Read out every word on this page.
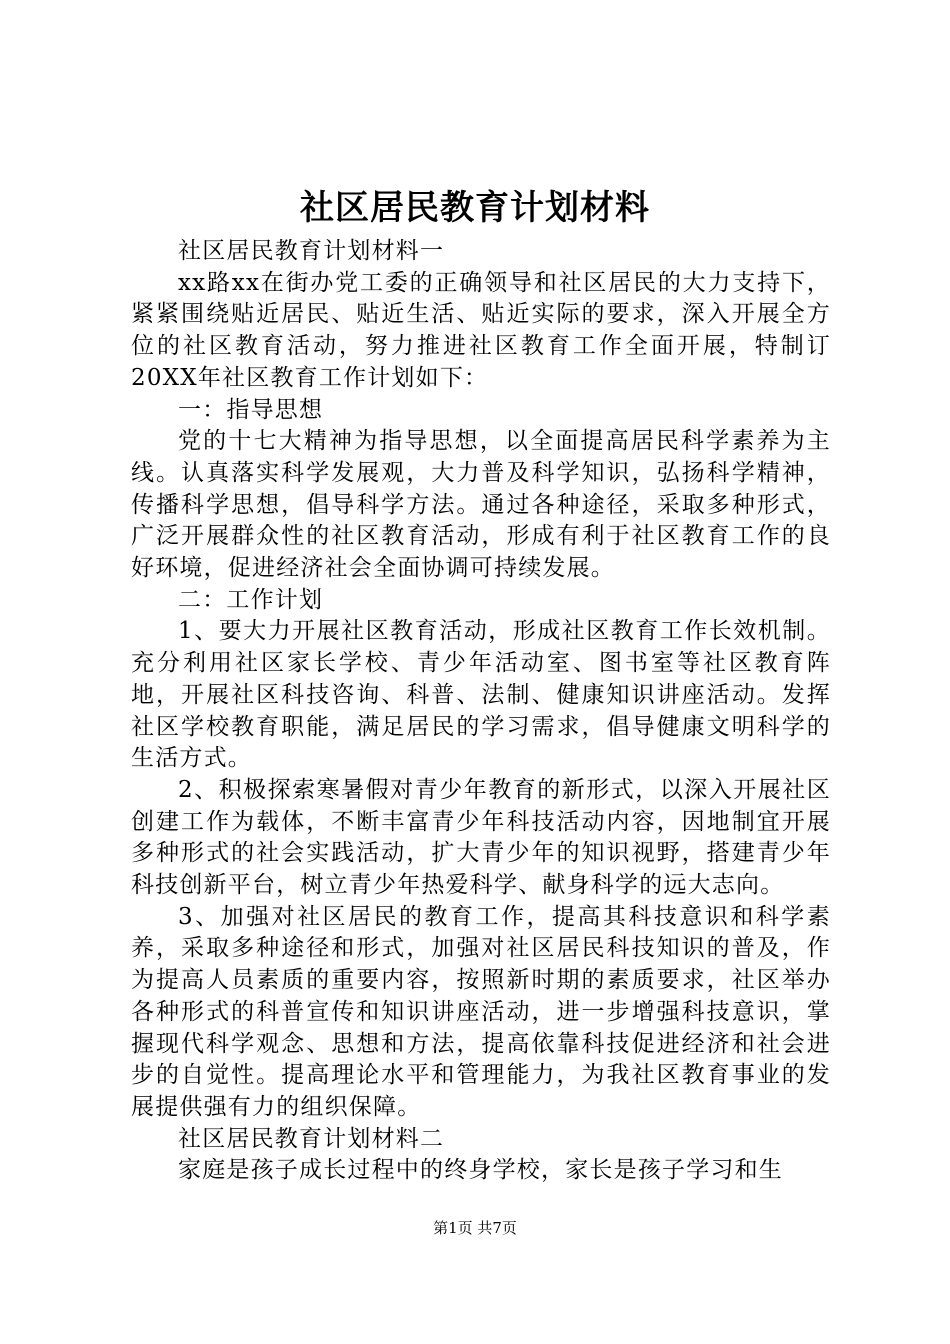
社区居民教育计划材料

社区居民教育计划材料一

xx路xx在街办党工委的正确领导和社区居民的大力支持下，紧紧围绕贴近居民、贴近生活、贴近实际的要求，深入开展全方位的社区教育活动，努力推进社区教育工作全面开展，特制订20XX年社区教育工作计划如下：

一：指导思想

党的十七大精神为指导思想，以全面提高居民科学素养为主线。认真落实科学发展观，大力普及科学知识，弘扬科学精神，传播科学思想，倡导科学方法。通过各种途径，采取多种形式，广泛开展群众性的社区教育活动，形成有利于社区教育工作的良好环境，促进经济社会全面协调可持续发展。

二：工作计划

1、要大力开展社区教育活动，形成社区教育工作长效机制。充分利用社区家长学校、青少年活动室、图书室等社区教育阵地，开展社区科技咨询、科普、法制、健康知识讲座活动。发挥社区学校教育职能，满足居民的学习需求，倡导健康文明科学的生活方式。

2、积极探索寒暑假对青少年教育的新形式，以深入开展社区创建工作为载体，不断丰富青少年科技活动内容，因地制宜开展多种形式的社会实践活动，扩大青少年的知识视野，搭建青少年科技创新平台，树立青少年热爱科学、献身科学的远大志向。

3、加强对社区居民的教育工作，提高其科技意识和科学素养，采取多种途径和形式，加强对社区居民科技知识的普及，作为提高人员素质的重要内容，按照新时期的素质要求，社区举办各种形式的科普宣传和知识讲座活动，进一步增强科技意识，掌握现代科学观念、思想和方法，提高依靠科技促进经济和社会进步的自觉性。提高理论水平和管理能力，为我社区教育事业的发展提供强有力的组织保障。

社区居民教育计划材料二

家庭是孩子成长过程中的终身学校，家长是孩子学习和生

第1页 共7页
